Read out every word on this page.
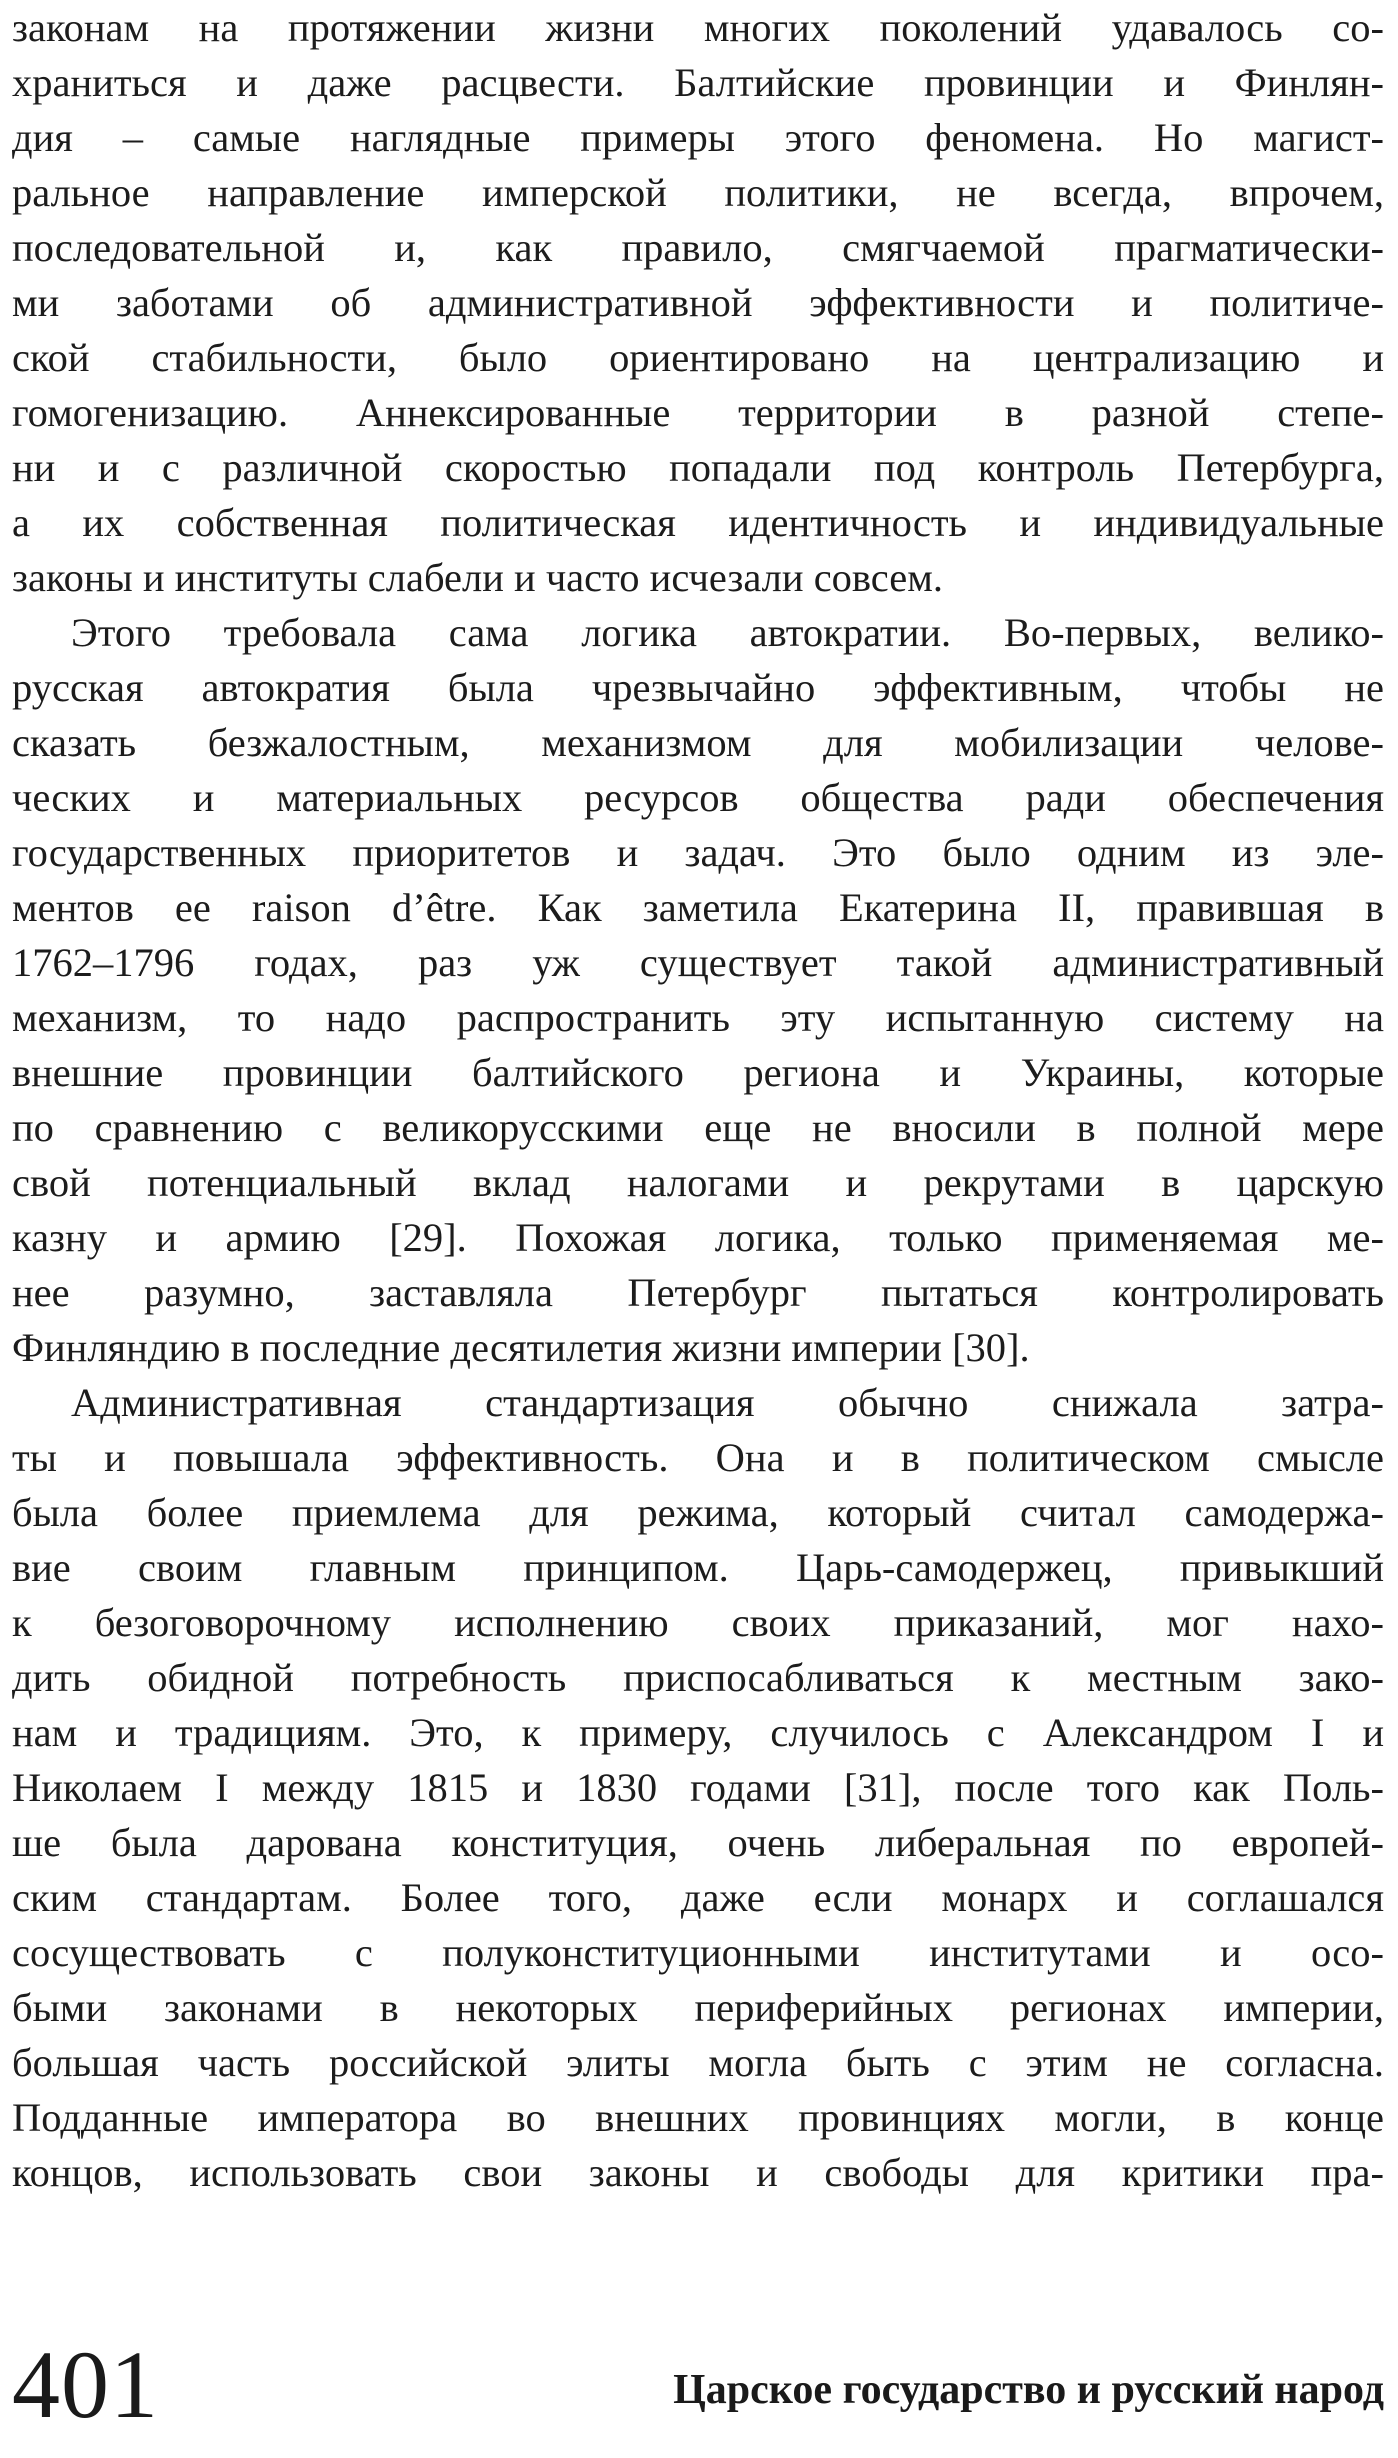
законам на протяжении жизни многих поколений удавалось со-
храниться и даже расцвести. Балтийские провинции и Финлян-
дия – самые наглядные примеры этого феномена. Но магист-
ральное направление имперской политики, не всегда, впрочем,
последовательной и, как правило, смягчаемой прагматически-
ми заботами об административной эффективности и политиче-
ской стабильности, было ориентировано на централизацию и
гомогенизацию. Аннексированные территории в разной степе-
ни и с различной скоростью попадали под контроль Петербурга,
а их собственная политическая идентичность и индивидуальные
законы и институты слабели и часто исчезали совсем.
Этого требовала сама логика автократии. Во-первых, велико-
русская автократия была чрезвычайно эффективным, чтобы не
сказать безжалостным, механизмом для мобилизации челове-
ческих и материальных ресурсов общества ради обеспечения
государственных приоритетов и задач. Это было одним из эле-
ментов ее raison d’être. Как заметила Екатерина II, правившая в
1762–1796 годах, раз уж существует такой административный
механизм, то надо распространить эту испытанную систему на
внешние провинции балтийского региона и Украины, которые
по сравнению с великорусскими еще не вносили в полной мере
свой потенциальный вклад налогами и рекрутами в царскую
казну и армию [29]. Похожая логика, только применяемая ме-
нее разумно, заставляла Петербург пытаться контролировать
Финляндию в последние десятилетия жизни империи [30].
Административная стандартизация обычно снижала затра-
ты и повышала эффективность. Она и в политическом смысле
была более приемлема для режима, который считал самодержа-
вие своим главным принципом. Царь-самодержец, привыкший
к безоговорочному исполнению своих приказаний, мог нахо-
дить обидной потребность приспосабливаться к местным зако-
нам и традициям. Это, к примеру, случилось с Александром I и
Николаем I между 1815 и 1830 годами [31], после того как Поль-
ше была дарована конституция, очень либеральная по европей-
ским стандартам. Более того, даже если монарх и соглашался
сосуществовать с полуконституционными институтами и осо-
быми законами в некоторых периферийных регионах империи,
большая часть российской элиты могла быть с этим не согласна.
Подданные императора во внешних провинциях могли, в конце
концов, использовать свои законы и свободы для критики пра-
401	Царское государство и русский народ
